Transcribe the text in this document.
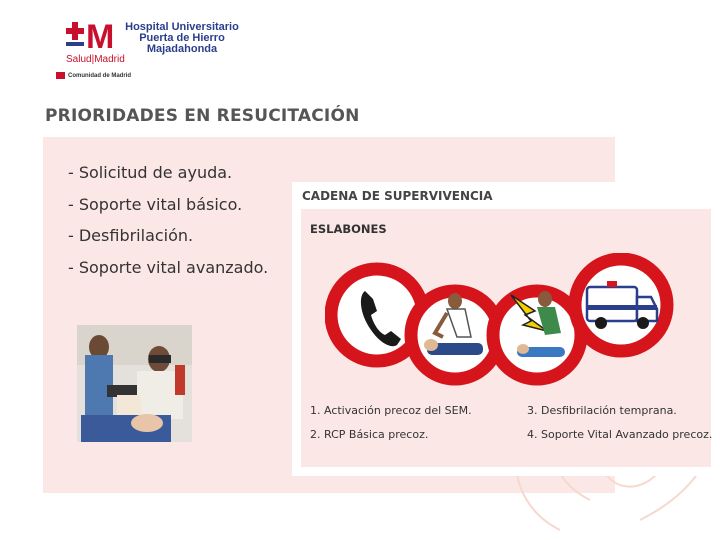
M
Salud|Madrid
Hospital Universitario
Puerta de Hierro
Majadahonda
Comunidad de Madrid
PRIORIDADES EN RESUCITACIÓN
- Solicitud de ayuda.
- Soporte vital básico.
- Desfibrilación.
- Soporte vital avanzado.
CADENA DE SUPERVIVENCIA
ESLABONES
1. Activación precoz del SEM.
2. RCP Básica precoz.
3. Desfibrilación temprana.
4. Soporte Vital Avanzado precoz.
